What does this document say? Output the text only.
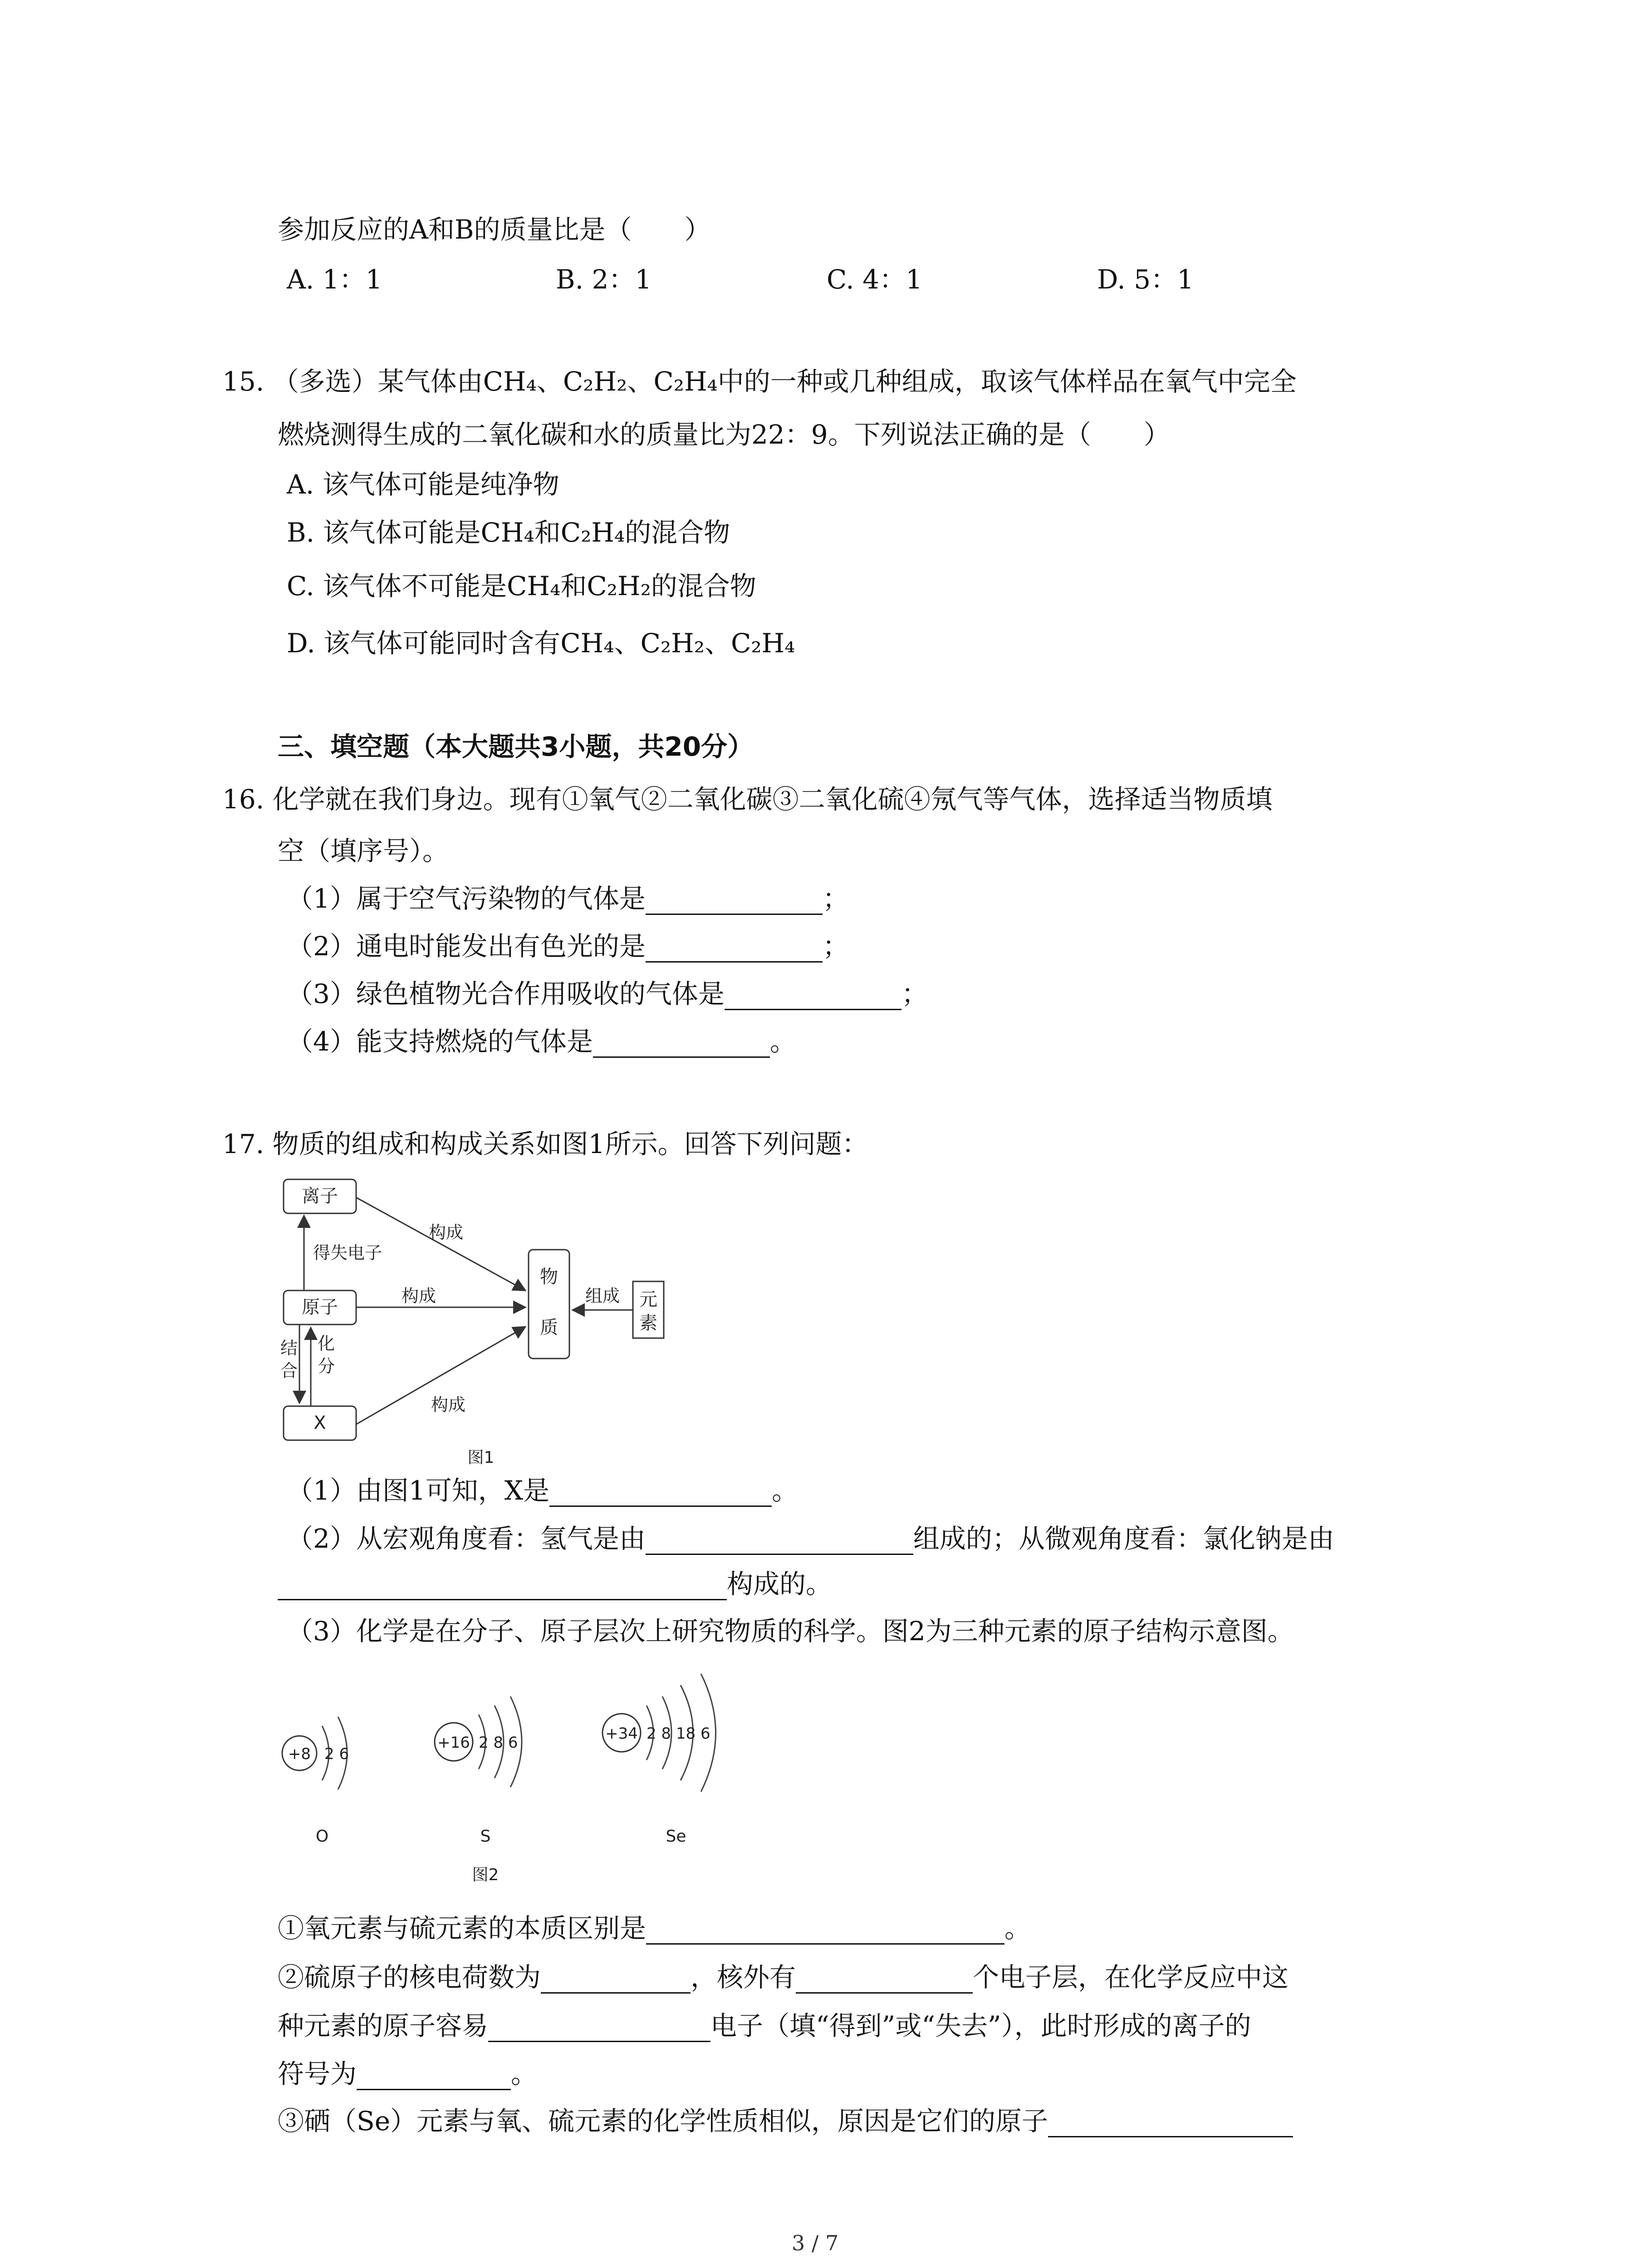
参加反应的A和B的质量比是（　　）
A. 1：1	B. 2：1	C. 4：1	D. 5：1
15. （多选）某气体由CH₄、C₂H₂、C₂H₄中的一种或几种组成，取该气体样品在氧气中完全
燃烧测得生成的二氧化碳和水的质量比为22：9。下列说法正确的是（　　）
A. 该气体可能是纯净物
B. 该气体可能是CH₄和C₂H₄的混合物
C. 该气体不可能是CH₄和C₂H₂的混合物
D. 该气体可能同时含有CH₄、C₂H₂、C₂H₄
三、填空题（本大题共3小题，共20分）
16. 化学就在我们身边。现有①氧气②二氧化碳③二氧化硫④氖气等气体，选择适当物质填
空（填序号）。
（1）属于空气污染物的气体是	；
（2）通电时能发出有色光的是	；
（3）绿色植物光合作用吸收的气体是	；
（4）能支持燃烧的气体是	。
17. 物质的组成和构成关系如图1所示。回答下列问题：
离子
原子
X
物
质
元
素
得失电子
构成
构成
构成
组成
结
合
化
分
图1
（1）由图1可知，X是	。
（2）从宏观角度看：氢气是由	组成的；从微观角度看：氯化钠是由
构成的。
（3）化学是在分子、原子层次上研究物质的科学。图2为三种元素的原子结构示意图。
+8 2 6
O
+16 2 8 6
S
+34 2 8 18 6
Se
图2
①氧元素与硫元素的本质区别是	。
②硫原子的核电荷数为	，核外有	个电子层，在化学反应中这
种元素的原子容易	电子（填“得到”或“失去”），此时形成的离子的
符号为	。
③硒（Se）元素与氧、硫元素的化学性质相似，原因是它们的原子
3 / 7
